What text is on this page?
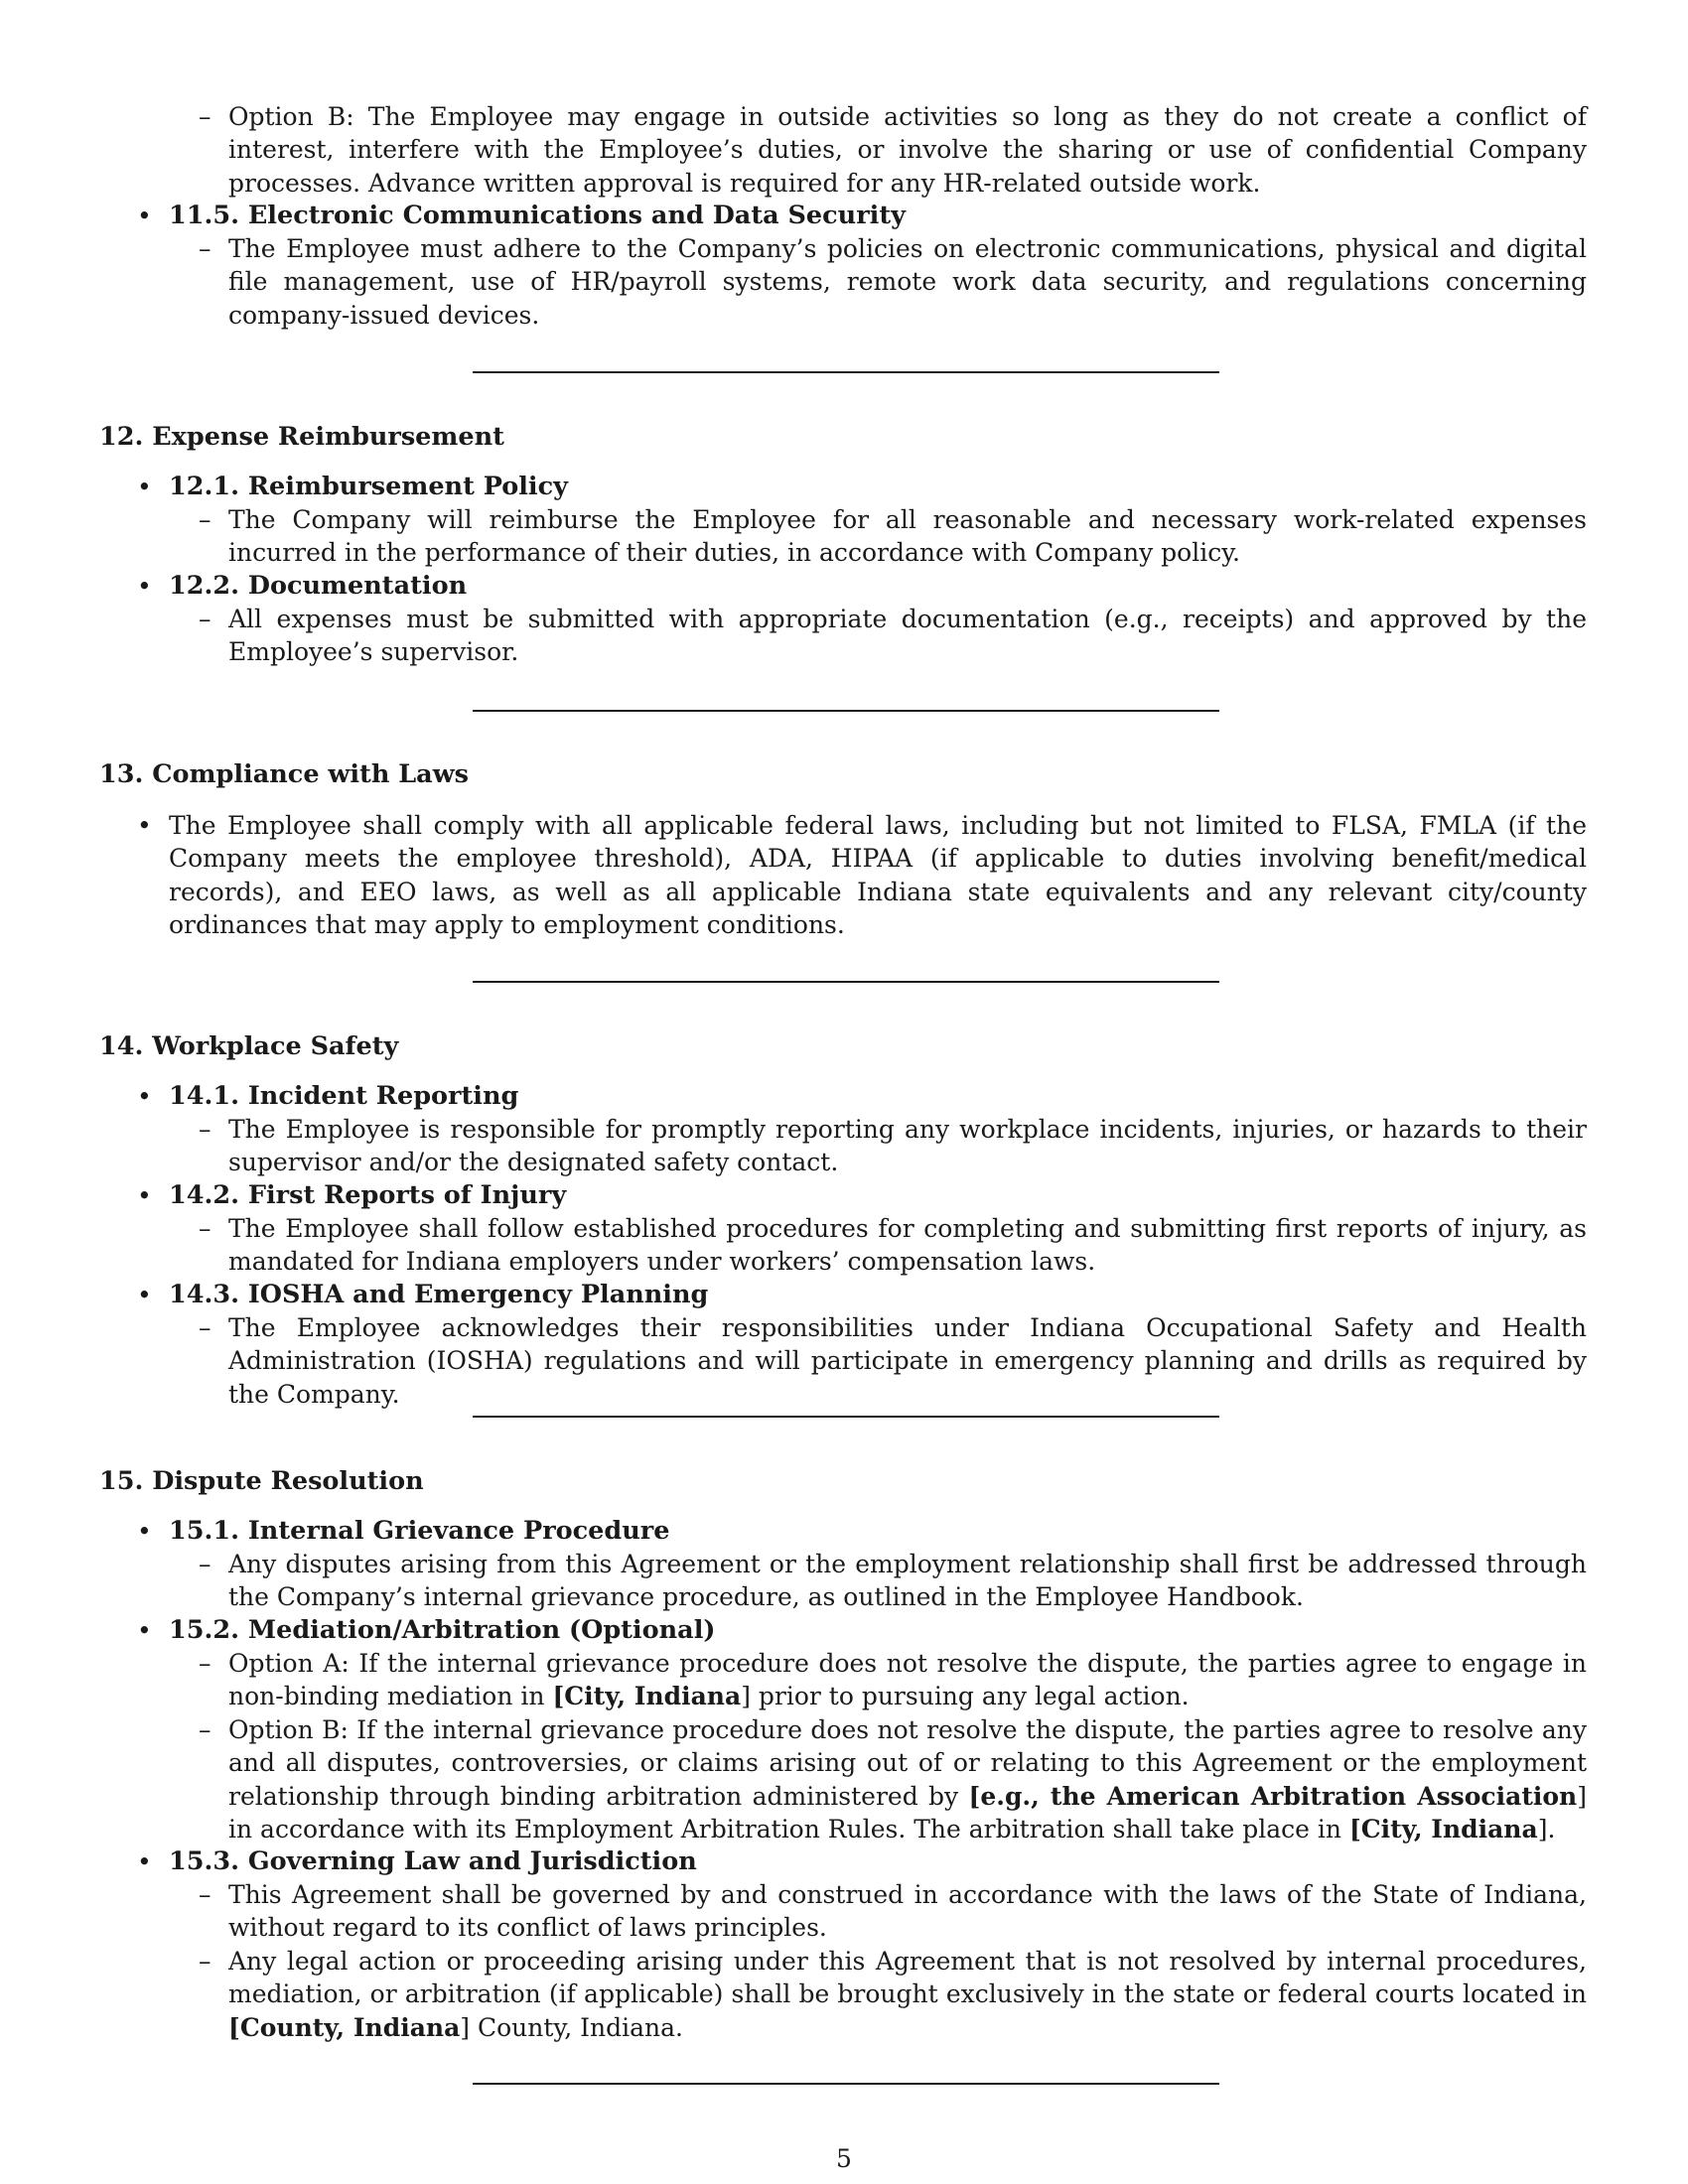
– Option B: The Employee may engage in outside activities so long as they do not create a conflict of interest, interfere with the Employee’s duties, or involve the sharing or use of confidential Company processes. Advance written approval is required for any HR-related outside work.

• 11.5. Electronic Communications and Data Security

– The Employee must adhere to the Company’s policies on electronic communications, physical and digital file management, use of HR/payroll systems, remote work data security, and regulations concerning company-issued devices.

12. Expense Reimbursement

• 12.1. Reimbursement Policy

– The Company will reimburse the Employee for all reasonable and necessary work-related expenses incurred in the performance of their duties, in accordance with Company policy.

• 12.2. Documentation

– All expenses must be submitted with appropriate documentation (e.g., receipts) and approved by the Employee’s supervisor.

13. Compliance with Laws

• The Employee shall comply with all applicable federal laws, including but not limited to FLSA, FMLA (if the Company meets the employee threshold), ADA, HIPAA (if applicable to duties involving benefit/medical records), and EEO laws, as well as all applicable Indiana state equivalents and any relevant city/county ordinances that may apply to employment conditions.

14. Workplace Safety

• 14.1. Incident Reporting

– The Employee is responsible for promptly reporting any workplace incidents, injuries, or hazards to their supervisor and/or the designated safety contact.

• 14.2. First Reports of Injury

– The Employee shall follow established procedures for completing and submitting first reports of injury, as mandated for Indiana employers under workers’ compensation laws.

• 14.3. IOSHA and Emergency Planning

– The Employee acknowledges their responsibilities under Indiana Occupational Safety and Health Administration (IOSHA) regulations and will participate in emergency planning and drills as required by the Company.

15. Dispute Resolution

• 15.1. Internal Grievance Procedure

– Any disputes arising from this Agreement or the employment relationship shall first be addressed through the Company’s internal grievance procedure, as outlined in the Employee Handbook.

• 15.2. Mediation/Arbitration (Optional)

– Option A: If the internal grievance procedure does not resolve the dispute, the parties agree to engage in non-binding mediation in [City, Indiana] prior to pursuing any legal action.

– Option B: If the internal grievance procedure does not resolve the dispute, the parties agree to resolve any and all disputes, controversies, or claims arising out of or relating to this Agreement or the employment relationship through binding arbitration administered by [e.g., the American Arbitration Association] in accordance with its Employment Arbitration Rules. The arbitration shall take place in [City, Indiana].

• 15.3. Governing Law and Jurisdiction

– This Agreement shall be governed by and construed in accordance with the laws of the State of Indiana, without regard to its conflict of laws principles.

– Any legal action or proceeding arising under this Agreement that is not resolved by internal procedures, mediation, or arbitration (if applicable) shall be brought exclusively in the state or federal courts located in [County, Indiana] County, Indiana.

5
